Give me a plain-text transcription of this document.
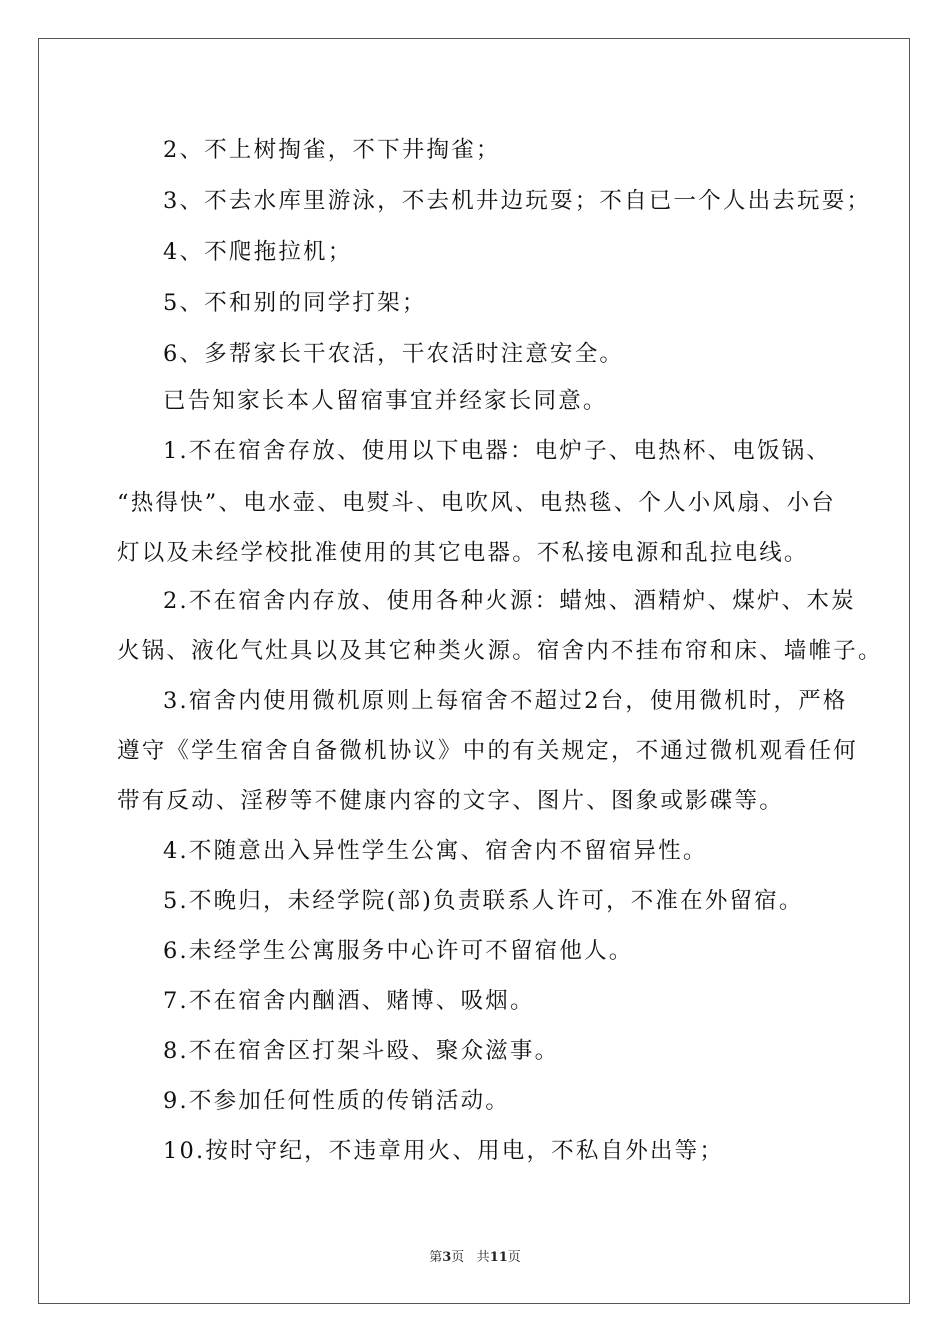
2、不上树掏雀，不下井掏雀；
3、不去水库里游泳，不去机井边玩耍；不自已一个人出去玩耍；
4、不爬拖拉机；
5、不和别的同学打架；
6、多帮家长干农活，干农活时注意安全。
已告知家长本人留宿事宜并经家长同意。
1.不在宿舍存放、使用以下电器：电炉子、电热杯、电饭锅、
“热得快”、电水壶、电熨斗、电吹风、电热毯、个人小风扇、小台
灯以及未经学校批准使用的其它电器。不私接电源和乱拉电线。
2.不在宿舍内存放、使用各种火源：蜡烛、酒精炉、煤炉、木炭
火锅、液化气灶具以及其它种类火源。宿舍内不挂布帘和床、墙帷子。
3.宿舍内使用微机原则上每宿舍不超过2台，使用微机时，严格
遵守《学生宿舍自备微机协议》中的有关规定，不通过微机观看任何
带有反动、淫秽等不健康内容的文字、图片、图象或影碟等。
4.不随意出入异性学生公寓、宿舍内不留宿异性。
5.不晚归，未经学院(部)负责联系人许可，不准在外留宿。
6.未经学生公寓服务中心许可不留宿他人。
7.不在宿舍内酗酒、赌博、吸烟。
8.不在宿舍区打架斗殴、聚众滋事。
9.不参加任何性质的传销活动。
10.按时守纪，不违章用火、用电，不私自外出等；
第3页 共11页
